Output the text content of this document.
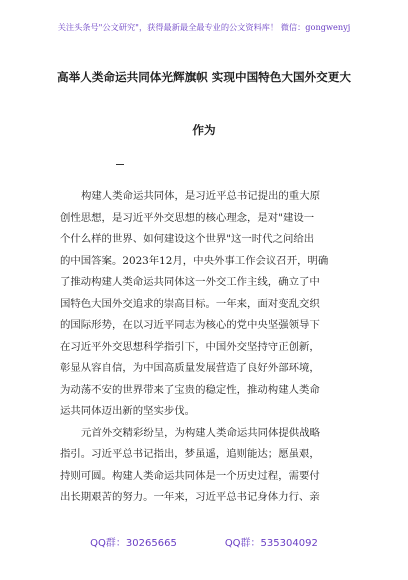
关注头条号"公文研究"，获得最新最全最专业的公文资料库！ 微信：gongwenyj
高举人类命运共同体光辉旗帜 实现中国特色大国外交更大
作为
构建人类命运共同体，是习近平总书记提出的重大原
创性思想，是习近平外交思想的核心理念，是对"建设一
个什么样的世界、如何建设这个世界"这一时代之问给出
的中国答案。2023年12月，中央外事工作会议召开，明确
了推动构建人类命运共同体这一外交工作主线，确立了中
国特色大国外交追求的崇高目标。一年来，面对变乱交织
的国际形势，在以习近平同志为核心的党中央坚强领导下
在习近平外交思想科学指引下，中国外交坚持守正创新，
彰显从容自信，为中国高质量发展营造了良好外部环境，
为动荡不安的世界带来了宝贵的稳定性，推动构建人类命
运共同体迈出新的坚实步伐。
元首外交精彩纷呈，为构建人类命运共同体提供战略
指引。习近平总书记指出，梦虽遥，追则能达；愿虽艰，
持则可圆。构建人类命运共同体是一个历史过程，需要付
出长期艰苦的努力。一年来，习近平总书记身体力行、亲
QQ群：30265665	QQ群：535304092
